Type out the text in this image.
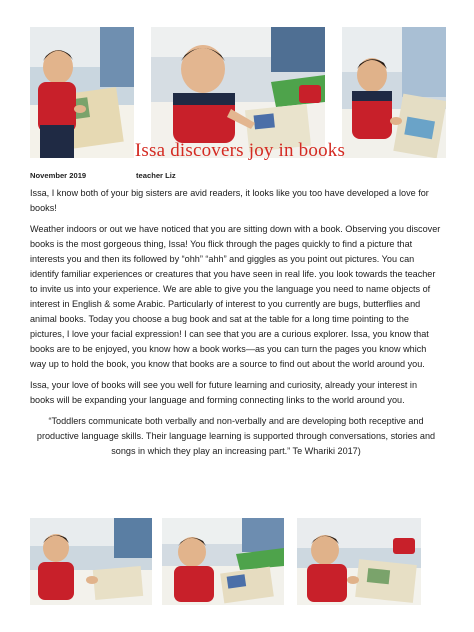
Issa discovers joy in books
November 2019	teacher Liz

Issa, I know both of your big sisters are avid readers, it looks like you too have developed a love for books!

Weather indoors or out we have noticed that you are sitting down with a book. Observing you discover books is the most gorgeous thing, Issa! You flick through the pages quickly to find a picture that interests you and then its followed by “ohh” “ahh” and giggles as you point out pictures. You can identify familiar experiences or creatures that you have seen in real life. you look towards the teacher to invite us into your experience. We are able to give you the language you need to name objects of interest in English & some Arabic. Particularly of interest to you currently are bugs, butterflies and animal books. Today you choose a bug book and sat at the table for a long time pointing to the pictures, I love your facial expression! I can see that you are a curious explorer. Issa, you know that books are to be enjoyed, you know how a book works—as you can turn the pages you know which way up to hold the book, you know that books are a source to find out about the world around you.

Issa, your love of books will see you well for future learning and curiosity, already your interest in books will be expanding your language and forming connecting links to the world around you.

“Toddlers communicate both verbally and non-verbally and are developing both receptive and productive language skills. Their language learning is supported through conversations, stories and songs in which they play an increasing part.” Te Whariki 2017)
